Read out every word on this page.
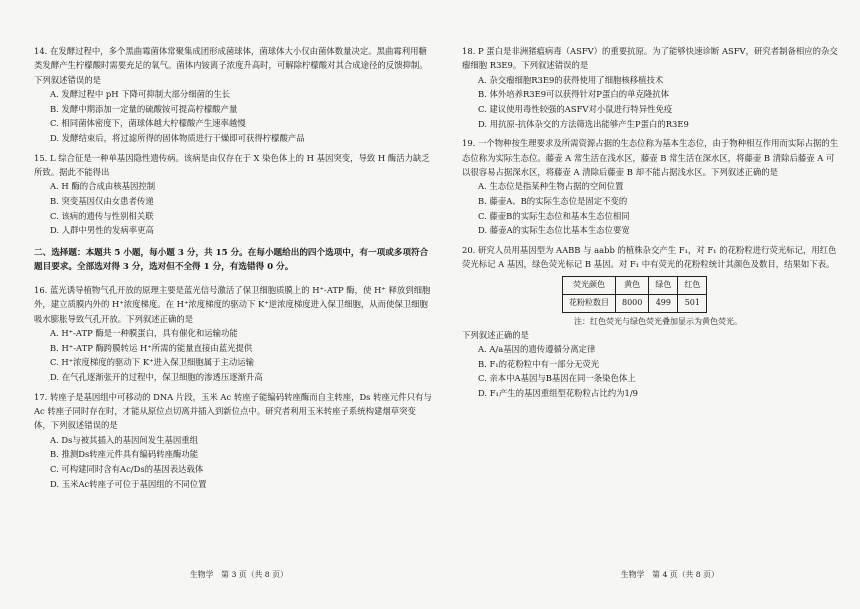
14. 在发酵过程中，多个黑曲霉菌体常聚集成团形成菌球体，菌球体大小仅由菌体数量决定。黑曲霉利用糖类发酵产生柠檬酸时需要充足的氧气。菌体内铵离子浓度升高时，可解除柠檬酸对其合成途径的反馈抑制。下列叙述错误的是
A. 发酵过程中 pH 下降可抑制大部分细菌的生长
B. 发酵中期添加一定量的硫酸铵可提高柠檬酸产量
C. 相同菌体密度下，菌球体越大柠檬酸产生速率越慢
D. 发酵结束后，将过滤所得的固体物质进行干燥即可获得柠檬酸产品
15. L 综合征是一种单基因隐性遗传病。该病是由仅存在于 X 染色体上的 H 基因突变，导致 H 酶活力缺乏所致。据此不能得出
A. H 酶的合成由核基因控制
B. 突变基因仅由女患者传递
C. 该病的遗传与性别相关联
D. 人群中男性的发病率更高
二、选择题：本题共 5 小题，每小题 3 分，共 15 分。在每小题给出的四个选项中，有一项或多项符合题目要求。全部选对得 3 分，选对但不全得 1 分，有选错得 0 分。
16. 蓝光诱导植物气孔开放的原理主要是蓝光信号激活了保卫细胞质膜上的 H⁺-ATP 酶，使 H⁺ 释放到细胞外，建立质膜内外的 H⁺浓度梯度。在 H⁺浓度梯度的驱动下 K⁺逆浓度梯度进入保卫细胞，从而使保卫细胞吸水膨胀导致气孔开放。下列叙述正确的是
A. H⁺-ATP 酶是一种膜蛋白，具有催化和运输功能
B. H⁺-ATP 酶跨膜转运 H⁺所需的能量直接由蓝光提供
C. H⁺浓度梯度的驱动下 K⁺进入保卫细胞属于主动运输
D. 在气孔逐渐张开的过程中，保卫细胞的渗透压逐渐升高
17. 转座子是基因组中可移动的 DNA 片段，玉米 Ac 转座子能编码转座酶而自主转座，Ds 转座元件只有与 Ac 转座子同时存在时，才能从原位点切离并插入到新位点中。研究者利用玉米转座子系统构建烟草突变体，下列叙述错误的是
A. Ds与被其插入的基因间发生基因重组
B. 推测Ds转座元件具有编码转座酶功能
C. 可构建同时含有Ac/Ds的基因表达载体
D. 玉米Ac转座子可位于基因组的不同位置
生物学　第 3 页（共 8 页）
18. P 蛋白是非洲猪瘟病毒（ASFV）的重要抗原。为了能够快速诊断 ASFV，研究者制备相应的杂交瘤细胞 R3E9。下列叙述错误的是
A. 杂交瘤细胞R3E9的获得使用了细胞核移植技术
B. 体外培养R3E9可以获得针对P蛋白的单克隆抗体
C. 建议使用毒性较强的ASFV对小鼠进行特异性免疫
D. 用抗原-抗体杂交的方法筛选出能够产生P蛋白的R3E9
19. 一个物种按生理要求及所需资源占据的生态位称为基本生态位，由于物种相互作用而实际占据的生态位称为实际生态位。藤壶 A 常生活在浅水区，藤壶 B 常生活在深水区，将藤壶 B 清除后藤壶 A 可以很容易占据深水区，将藤壶 A 清除后藤壶 B 却不能占据浅水区。下列叙述正确的是
A. 生态位是指某种生物占据的空间位置
B. 藤壶A、B的实际生态位是固定不变的
C. 藤壶B的实际生态位和基本生态位相同
D. 藤壶A的实际生态位比基本生态位要宽
20. 研究人员用基因型为 AABB 与 aabb 的植株杂交产生 F₁，对 F₁ 的花粉粒进行荧光标记，用红色荧光标记 A 基因，绿色荧光标记 B 基因。对 F₁ 中有荧光的花粉粒统计其颜色及数目，结果如下表。
荧光颜色	黄色	绿色	红色
花粉粒数目	8000	499	501
注：红色荧光与绿色荧光叠加显示为黄色荧光。
下列叙述正确的是
A. A/a基因的遗传遵循分离定律
B. F₁的花粉粒中有一部分无荧光
C. 亲本中A基因与B基因在同一条染色体上
D. F₁产生的基因重组型花粉粒占比约为1/9
生物学　第 4 页（共 8 页）
